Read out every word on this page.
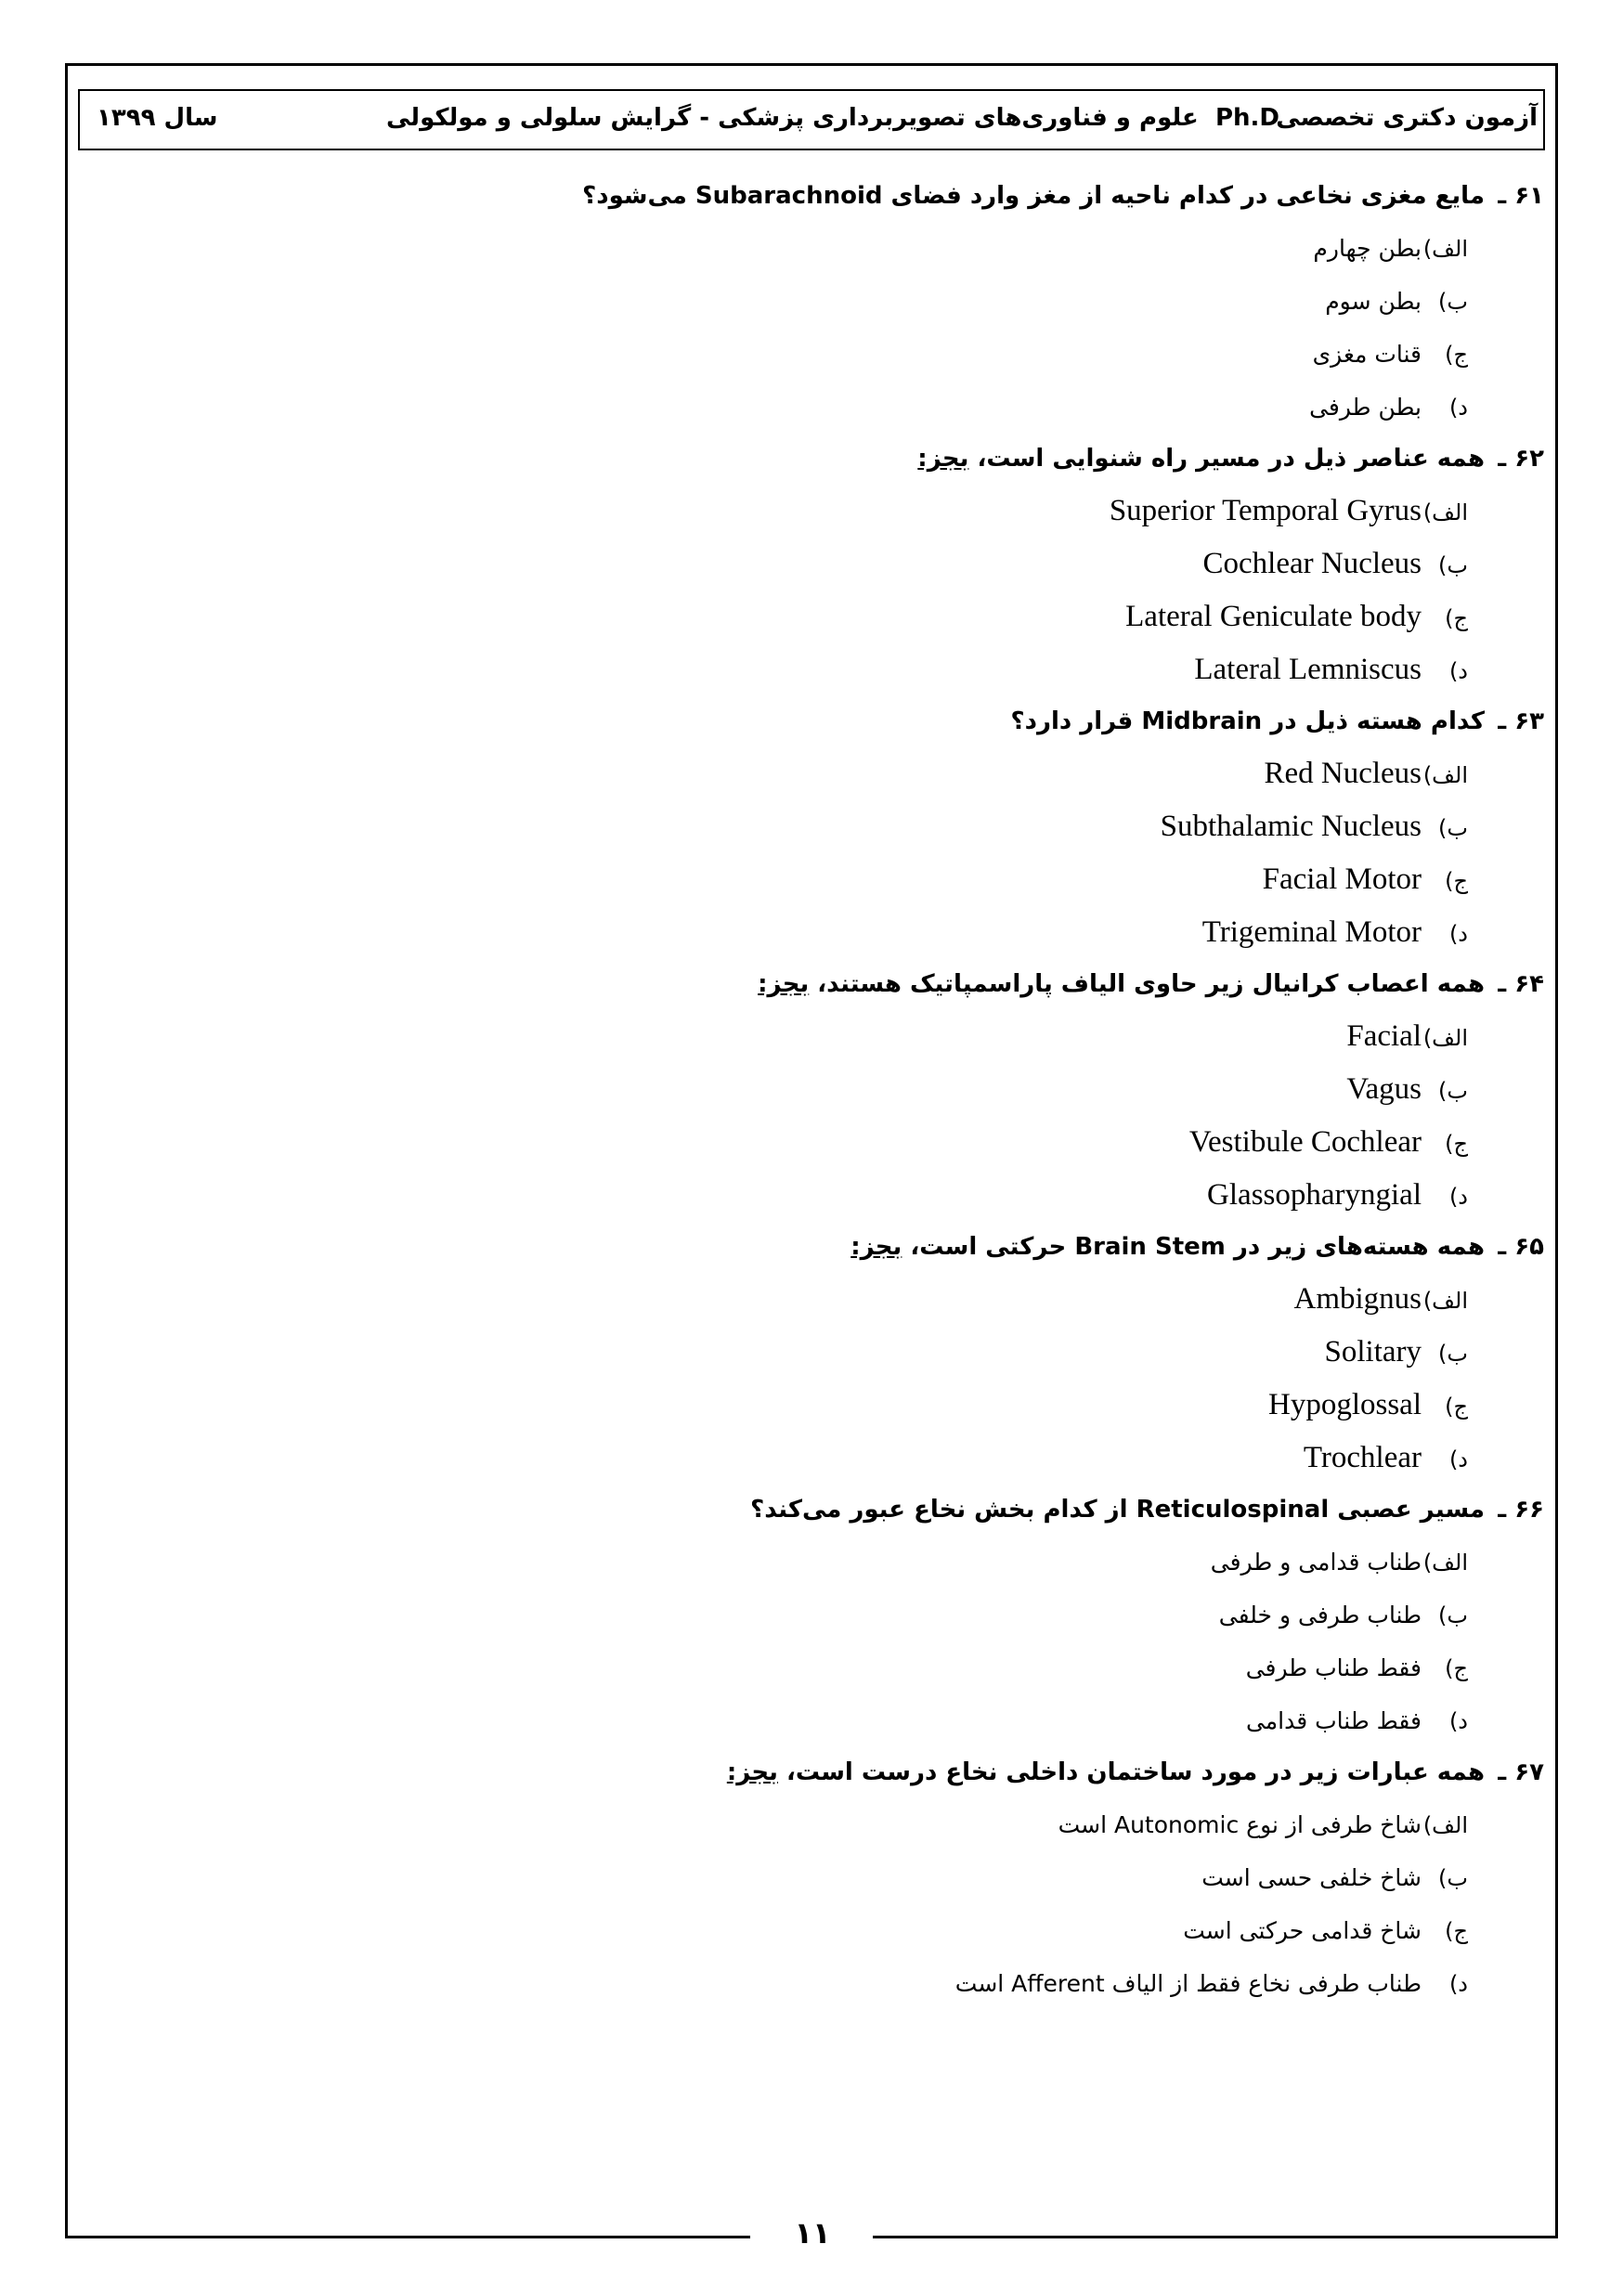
آزمون دکتری تخصصی
Ph.D
علوم و فناوری‌های تصویربرداری پزشکی - گرایش سلولی و مولکولی
سال ۱۳۹۹
۶۱ ـمایع مغزی نخاعی در کدام ناحیه از مغز وارد فضای Subarachnoid می‌شود؟
الف)بطن چهارم
ب)بطن سوم
ج)قنات مغزی
د)بطن طرفی
۶۲ ـهمه عناصر ذیل در مسیر راه شنوایی است، بجز:
الف)Superior Temporal Gyrus
ب)Cochlear Nucleus
ج)Lateral Geniculate body
د)Lateral Lemniscus
۶۳ ـکدام هسته ذیل در Midbrain قرار دارد؟
الف)Red Nucleus
ب)Subthalamic Nucleus
ج)Facial Motor
د)Trigeminal Motor
۶۴ ـهمه اعصاب کرانیال زیر حاوی الیاف پاراسمپاتیک هستند، بجز:
الف)Facial
ب)Vagus
ج)Vestibule Cochlear
د)Glassopharyngial
۶۵ ـهمه هسته‌های زیر در Brain Stem حرکتی است، بجز:
الف)Ambignus
ب)Solitary
ج)Hypoglossal
د)Trochlear
۶۶ ـمسیر عصبی Reticulospinal از کدام بخش نخاع عبور می‌کند؟
الف)طناب قدامی و طرفی
ب)طناب طرفی و خلفی
ج)فقط طناب طرفی
د)فقط طناب قدامی
۶۷ ـهمه عبارات زیر در مورد ساختمان داخلی نخاع درست است، بجز:
الف)شاخ طرفی از نوع Autonomic است
ب)شاخ خلفی حسی است
ج)شاخ قدامی حرکتی است
د)طناب طرفی نخاع فقط از الیاف Afferent است
۱۱
